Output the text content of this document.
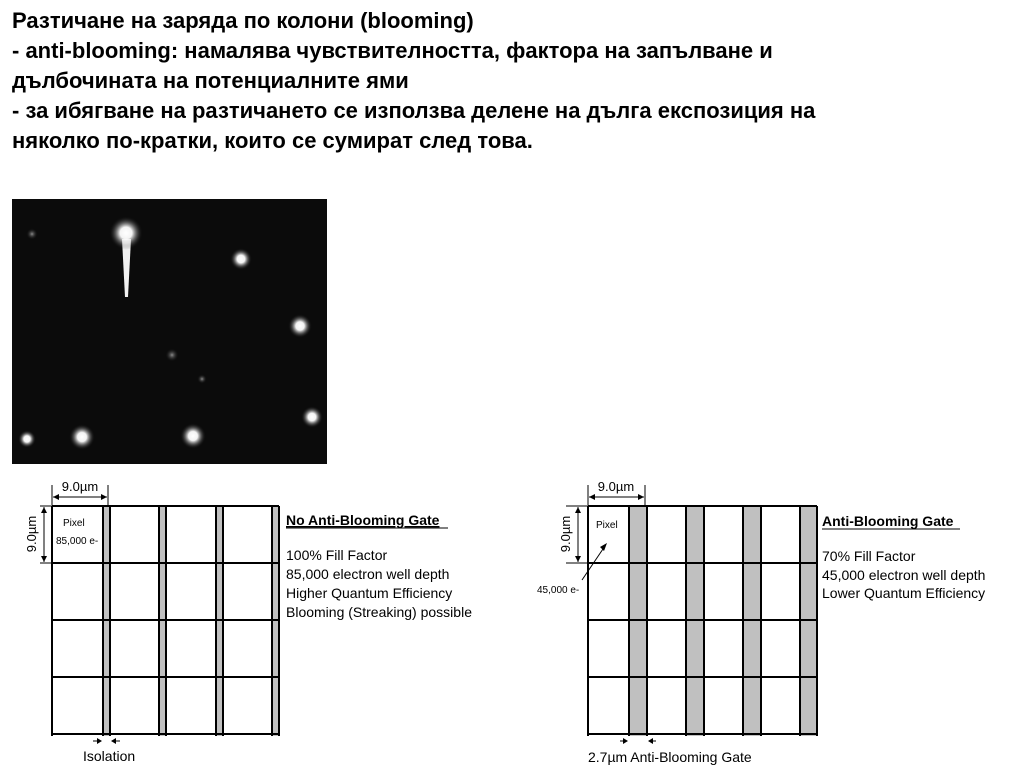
Разтичане на заряда по колони (blooming)
- anti-blooming: намалява чувствителността, фактора на запълване и
дълбочината на потенциалните ями
- за ибягване на разтичането се използва делене на дълга експозиция на
няколко по-кратки, които се сумират след това.
9.0µm
9.0µm Pixel
85,000 e-
Isolation
No Anti-Blooming Gate
100% Fill Factor
85,000 electron well depth
Higher Quantum Efficiency
Blooming (Streaking) possible
9.0µm
9.0µm Pixel
45,000 e-
2.7µm Anti-Blooming Gate
Anti-Blooming Gate
70% Fill Factor
45,000 electron well depth
Lower Quantum Efficiency
